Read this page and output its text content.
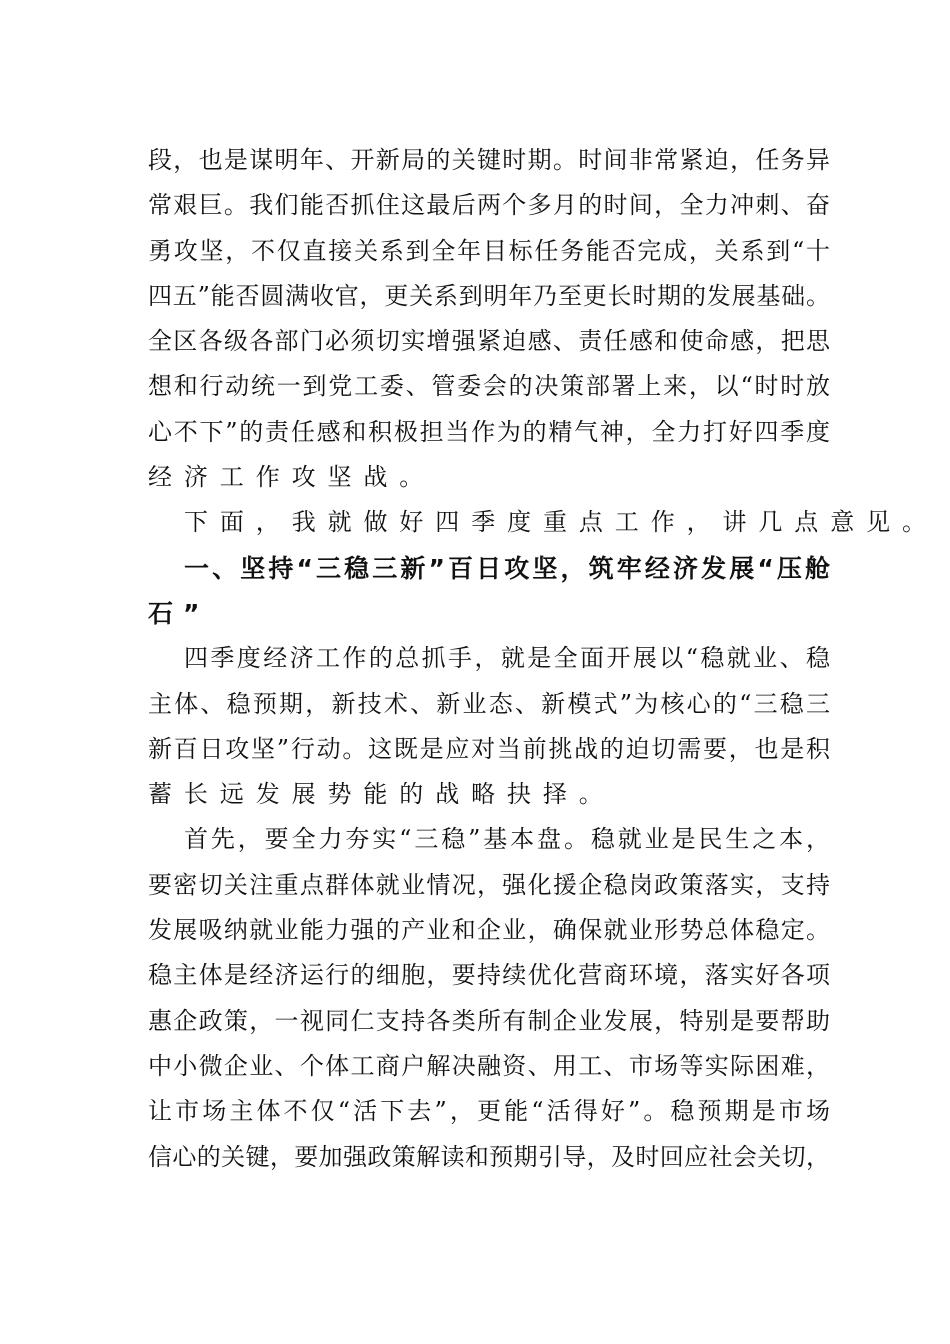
段，也是谋明年、开新局的关键时期。时间非常紧迫，任务异
常艰巨。我们能否抓住这最后两个多月的时间，全力冲刺、奋
勇攻坚，不仅直接关系到全年目标任务能否完成，关系到“十
四五”能否圆满收官，更关系到明年乃至更长时期的发展基础。
全区各级各部门必须切实增强紧迫感、责任感和使命感，把思
想和行动统一到党工委、管委会的决策部署上来，以“时时放
心不下”的责任感和积极担当作为的精气神，全力打好四季度
经济工作攻坚战。
下面，我就做好四季度重点工作，讲几点意见。
一、坚持“三稳三新”百日攻坚，筑牢经济发展“压舱
石”
四季度经济工作的总抓手，就是全面开展以“稳就业、稳
主体、稳预期，新技术、新业态、新模式”为核心的“三稳三
新百日攻坚”行动。这既是应对当前挑战的迫切需要，也是积
蓄长远发展势能的战略抉择。
首先，要全力夯实“三稳”基本盘。稳就业是民生之本，
要密切关注重点群体就业情况，强化援企稳岗政策落实，支持
发展吸纳就业能力强的产业和企业，确保就业形势总体稳定。
稳主体是经济运行的细胞，要持续优化营商环境，落实好各项
惠企政策，一视同仁支持各类所有制企业发展，特别是要帮助
中小微企业、个体工商户解决融资、用工、市场等实际困难，
让市场主体不仅“活下去”，更能“活得好”。稳预期是市场
信心的关键，要加强政策解读和预期引导，及时回应社会关切，
